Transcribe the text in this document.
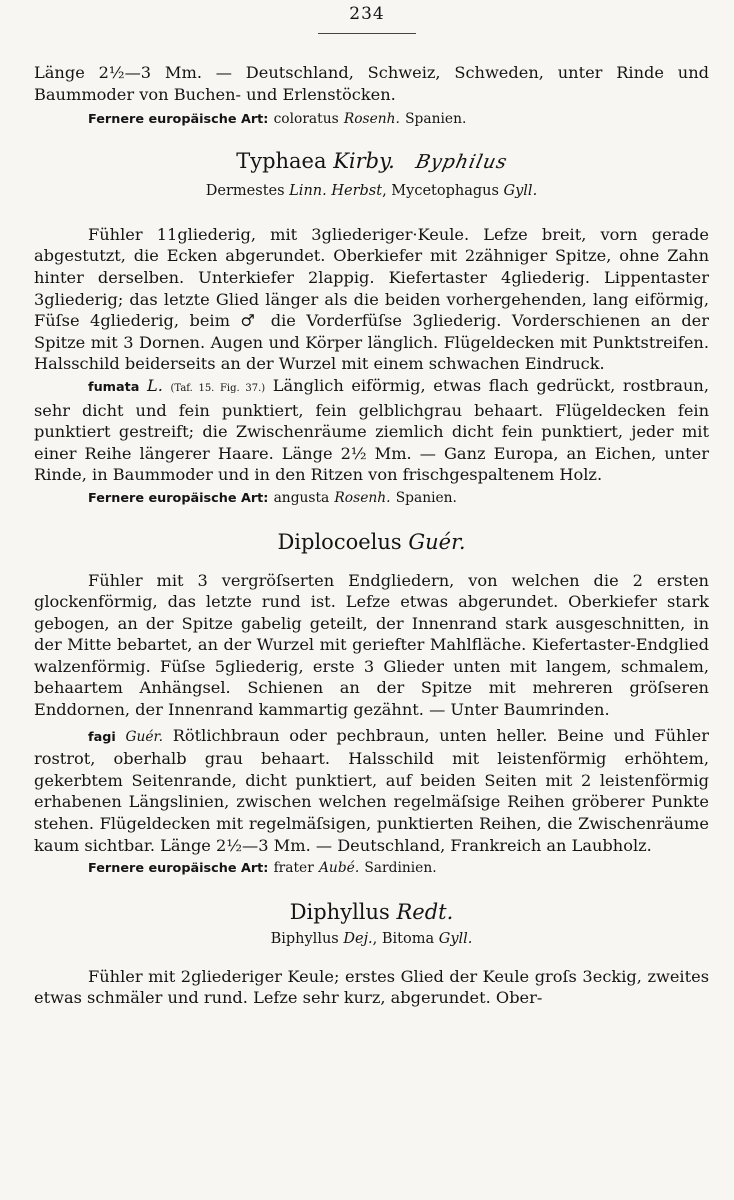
234

Länge 2½—3 Mm. — Deutschland, Schweiz, Schweden, unter Rinde und Baummoder von Buchen- und Erlenstöcken.

Fernere europäische Art: coloratus Rosenh. Spanien.

Typhaea Kirby. Byphilus

Dermestes Linn. Herbst, Mycetophagus Gyll.

Fühler 11gliederig, mit 3gliederiger·Keule. Lefze breit, vorn gerade abgestutzt, die Ecken abgerundet. Oberkiefer mit 2zähniger Spitze, ohne Zahn hinter derselben. Unterkiefer 2lappig. Kiefertaster 4gliederig. Lippentaster 3gliederig; das letzte Glied länger als die beiden vorhergehenden, lang eiförmig, Füſse 4gliederig, beim ♂ die Vorderfüſse 3gliederig. Vorderschienen an der Spitze mit 3 Dornen. Augen und Körper länglich. Flügeldecken mit Punktstreifen. Halsschild beiderseits an der Wurzel mit einem schwachen Eindruck.

fumata L. (Taf. 15. Fig. 37.) Länglich eiförmig, etwas flach gedrückt, rostbraun, sehr dicht und fein punktiert, fein gelblichgrau behaart. Flügeldecken fein punktiert gestreift; die Zwischenräume ziemlich dicht fein punktiert, jeder mit einer Reihe längerer Haare. Länge 2½ Mm. — Ganz Europa, an Eichen, unter Rinde, in Baummoder und in den Ritzen von frischgespaltenem Holz.

Fernere europäische Art: angusta Rosenh. Spanien.

Diplocoelus Guér.

Fühler mit 3 vergröſserten Endgliedern, von welchen die 2 ersten glockenförmig, das letzte rund ist. Lefze etwas abgerundet. Oberkiefer stark gebogen, an der Spitze gabelig geteilt, der Innenrand stark ausgeschnitten, in der Mitte bebartet, an der Wurzel mit geriefter Mahlfläche. Kiefertaster-Endglied walzenförmig. Füſse 5gliederig, erste 3 Glieder unten mit langem, schmalem, behaartem Anhängsel. Schienen an der Spitze mit mehreren gröſseren Enddornen, der Innenrand kammartig gezähnt. — Unter Baumrinden.

fagi Guér. Rötlichbraun oder pechbraun, unten heller. Beine und Fühler rostrot, oberhalb grau behaart. Halsschild mit leistenförmig erhöhtem, gekerbtem Seitenrande, dicht punktiert, auf beiden Seiten mit 2 leistenförmig erhabenen Längslinien, zwischen welchen regelmäſsige Reihen gröberer Punkte stehen. Flügeldecken mit regelmäſsigen, punktierten Reihen, die Zwischenräume kaum sichtbar. Länge 2½—3 Mm. — Deutschland, Frankreich an Laubholz.

Fernere europäische Art: frater Aubé. Sardinien.

Diphyllus Redt.

Biphyllus Dej., Bitoma Gyll.

Fühler mit 2gliederiger Keule; erstes Glied der Keule groſs 3eckig, zweites etwas schmäler und rund. Lefze sehr kurz, abgerundet. Ober-
